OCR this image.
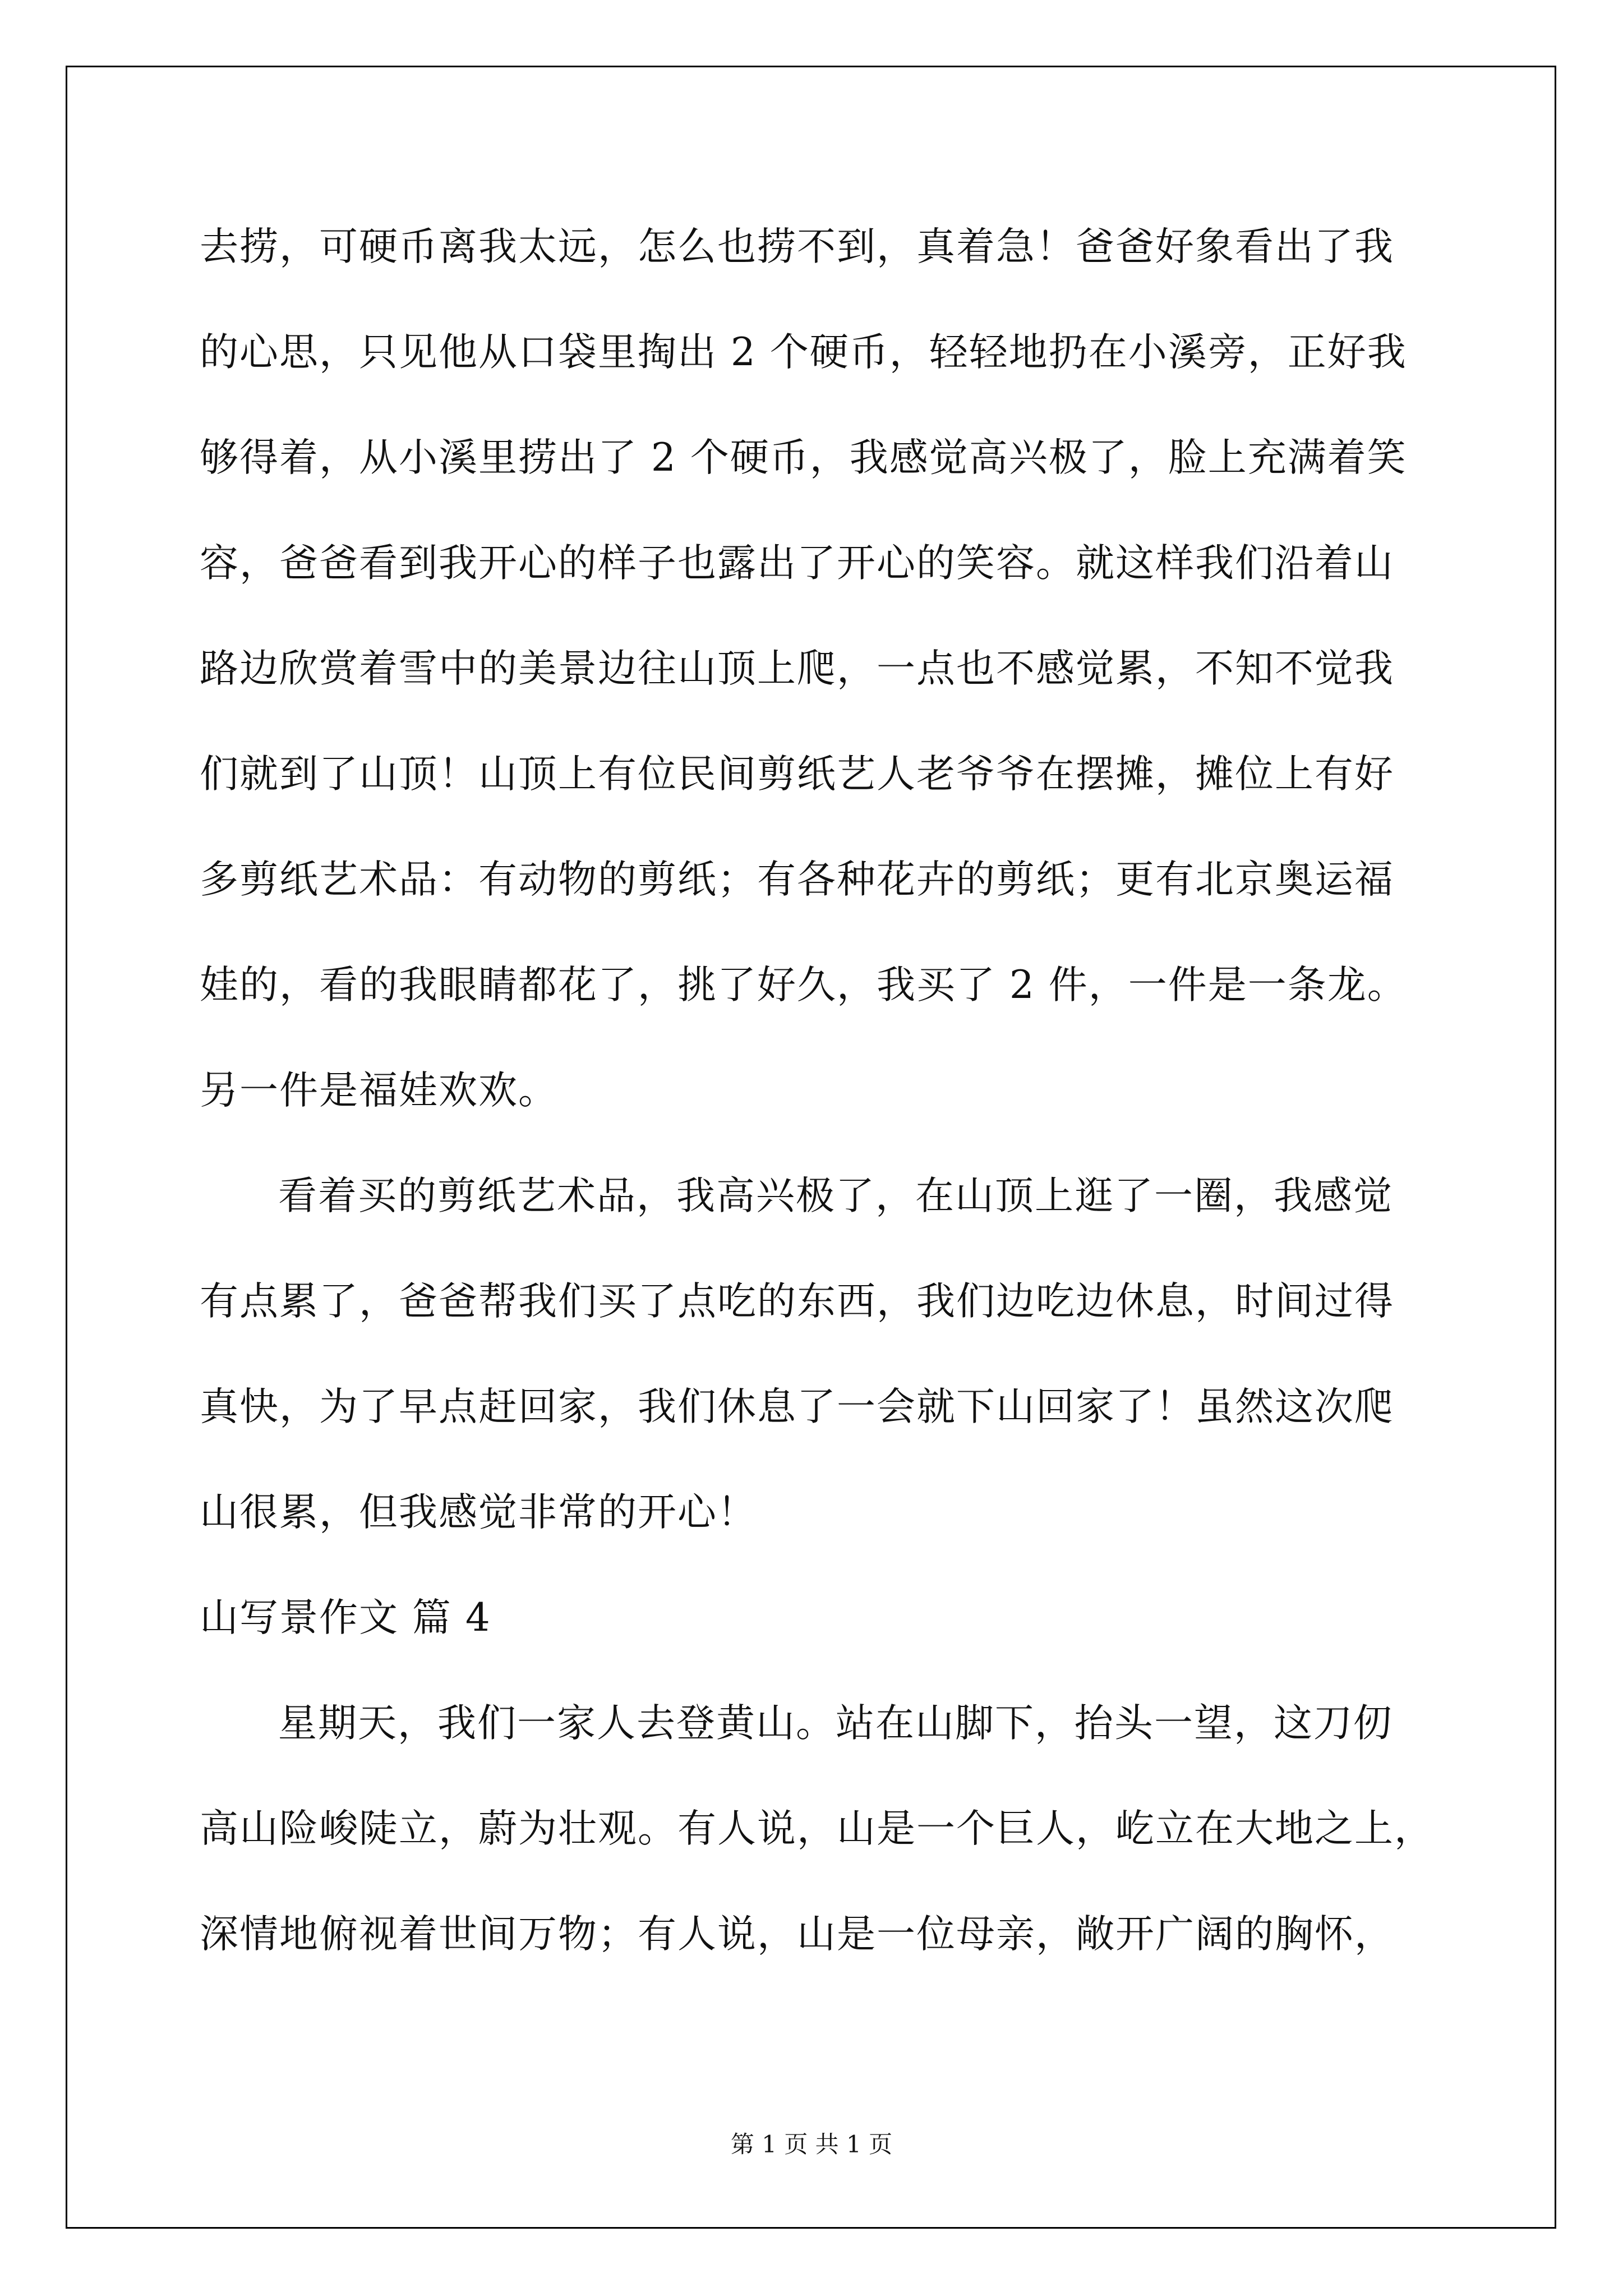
去捞，可硬币离我太远，怎么也捞不到，真着急！爸爸好象看出了我
的心思，只见他从口袋里掏出 2 个硬币，轻轻地扔在小溪旁，正好我
够得着，从小溪里捞出了 2 个硬币，我感觉高兴极了，脸上充满着笑
容，爸爸看到我开心的样子也露出了开心的笑容。就这样我们沿着山
路边欣赏着雪中的美景边往山顶上爬，一点也不感觉累，不知不觉我
们就到了山顶！山顶上有位民间剪纸艺人老爷爷在摆摊，摊位上有好
多剪纸艺术品：有动物的剪纸；有各种花卉的剪纸；更有北京奥运福
娃的，看的我眼睛都花了，挑了好久，我买了 2 件，一件是一条龙。
另一件是福娃欢欢。
看着买的剪纸艺术品，我高兴极了，在山顶上逛了一圈，我感觉
有点累了，爸爸帮我们买了点吃的东西，我们边吃边休息，时间过得
真快，为了早点赶回家，我们休息了一会就下山回家了！虽然这次爬
山很累，但我感觉非常的开心！
山写景作文 篇 4
星期天，我们一家人去登黄山。站在山脚下，抬头一望，这刀仞
高山险峻陡立，蔚为壮观。有人说，山是一个巨人，屹立在大地之上，
深情地俯视着世间万物；有人说，山是一位母亲，敞开广阔的胸怀，
第 1 页 共 1 页
